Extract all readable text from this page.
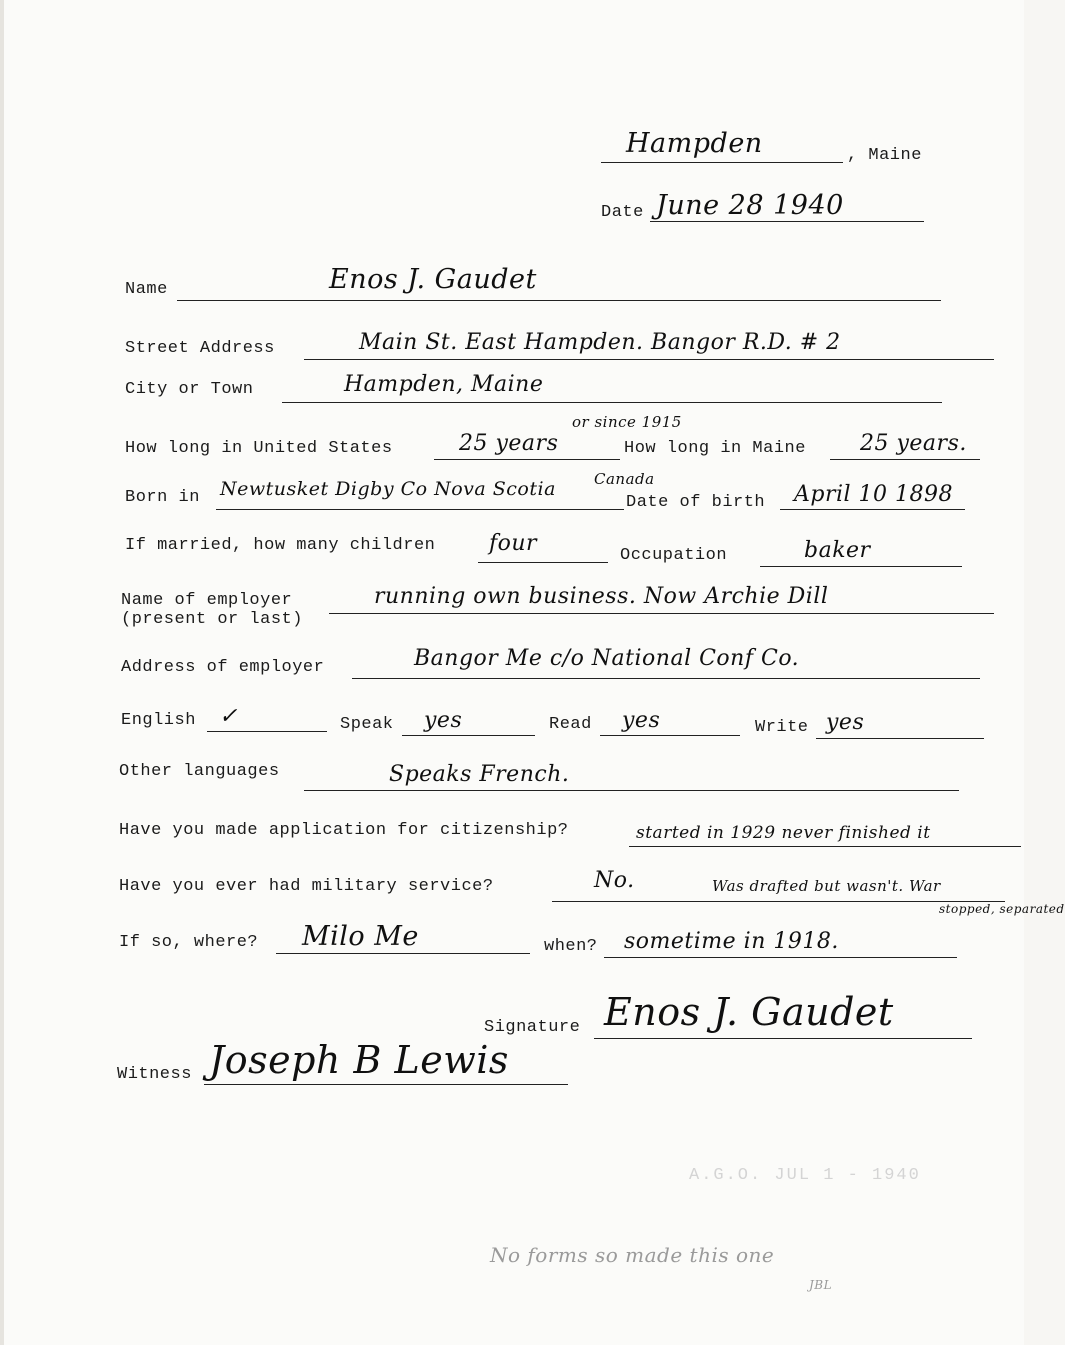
Hampden	, Maine
Date June 28 1940
Name	Enos J. Gaudet
Street Address	Main St. East Hampden. Bangor R.D. # 2
City or Town	Hampden, Maine
or since 1915
How long in United States	25 years	How long in Maine 25 years.
Canada
Born in Newtusket Digby Co Nova Scotia
Date of birth April 10 1898
If married, how many children four	Occupation	baker
Name of employer
(present or last)
running own business. Now Archie Dill
Address of employer	Bangor Me c/o National Conf Co.
English ✓	Speak yes	Read yes	Write yes
Other languages	Speaks French.
Have you made application for citizenship?	started in 1929 never finished it
Have you ever had military service?	No.	Was drafted but wasn't. War
stopped, separated
If so, where? Milo Me	when? sometime in 1918.
Signature Enos J. Gaudet
Witness Joseph B Lewis
A.G.O. JUL 1 - 1940
No forms so made this one
JBL
